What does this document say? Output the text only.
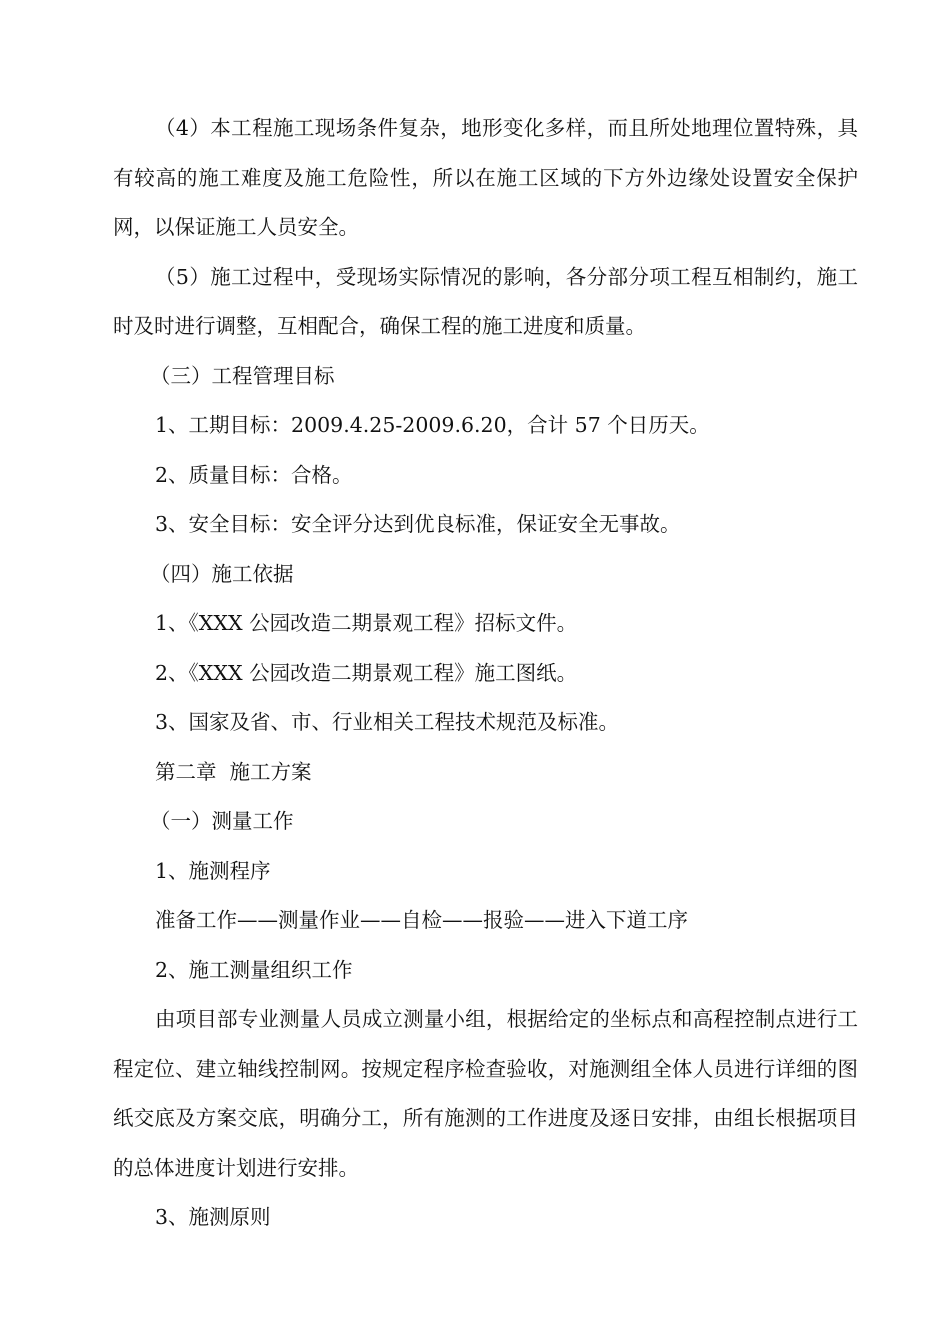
（4）本工程施工现场条件复杂，地形变化多样，而且所处地理位置特殊，具有较高的施工难度及施工危险性，所以在施工区域的下方外边缘处设置安全保护网，以保证施工人员安全。

（5）施工过程中，受现场实际情况的影响，各分部分项工程互相制约，施工时及时进行调整，互相配合，确保工程的施工进度和质量。

（三）工程管理目标

1、工期目标：2009.4.25-2009.6.20，合计 57 个日历天。

2、质量目标：合格。

3、安全目标：安全评分达到优良标准，保证安全无事故。

（四）施工依据

1、《XXX 公园改造二期景观工程》招标文件。

2、《XXX 公园改造二期景观工程》施工图纸。

3、国家及省、市、行业相关工程技术规范及标准。

第二章  施工方案

（一）测量工作

1、施测程序

准备工作——测量作业——自检——报验——进入下道工序

2、施工测量组织工作

由项目部专业测量人员成立测量小组，根据给定的坐标点和高程控制点进行工程定位、建立轴线控制网。按规定程序检查验收，对施测组全体人员进行详细的图纸交底及方案交底，明确分工，所有施测的工作进度及逐日安排，由组长根据项目的总体进度计划进行安排。

3、施测原则
